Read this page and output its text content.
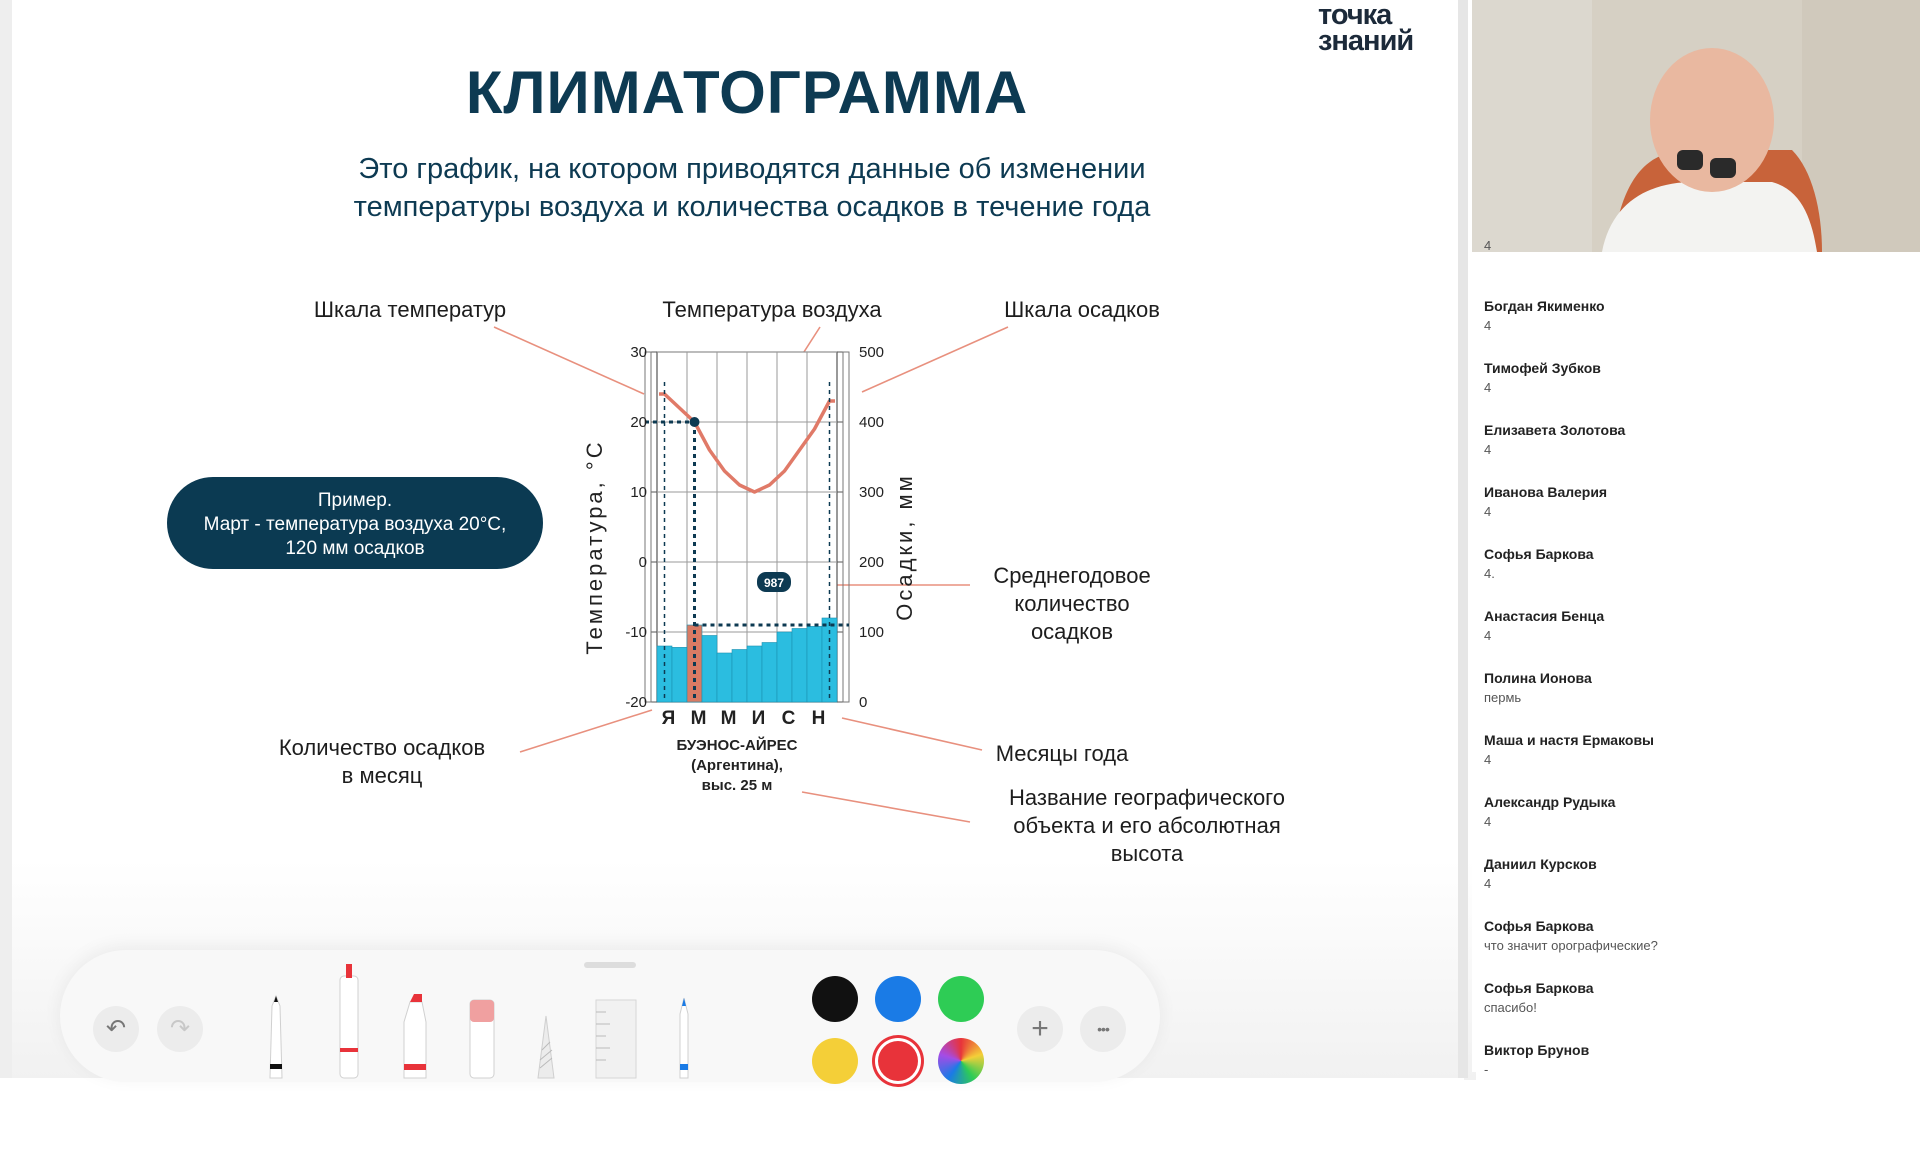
точка
знаний
КЛИМАТОГРАММА
Это график, на котором приводятся данные об изменении
температуры воздуха и количества осадков в течение года
Шкала температур	Температура воздуха	Шкала осадков
Среднегодовое
количество
осадков
Количество осадков
в месяц
Месяцы года
Название географического
объекта и его абсолютная
высота
Пример.
Март - температура воздуха 20°C,
120 мм осадков
30
20
10
0
-10
-20
500
400
300
200
100
0
987
Я М М И С Н
Температура, °С	Осадки, мм
БУЭНОС-АЙРЕС
(Аргентина),
выс. 25 м
↶	↷	+	•••
4
Богдан Якименко
4
Тимофей Зубков
4
Елизавета Золотова
4
Иванова Валерия
4
Софья Баркова
4.
Анастасия Бенца
4
Полина Ионова
пермь
Маша и настя Ермаковы
4
Александр Рудыка
4
Даниил Курсков
4
Софья Баркова
что значит орографические?
Софья Баркова
спасибо!
Виктор Брунов
-
